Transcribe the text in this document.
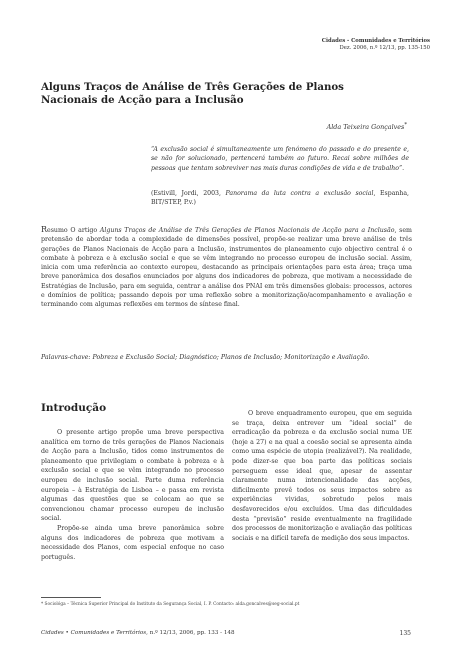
Cidades - Comunidades e Territórios
Dez. 2006, n.º 12/13, pp. 135-150
Alguns Traços de Análise de Três Gerações de Planos Nacionais de Acção para a Inclusão
Alda Teixeira Gonçalves*
“A exclusão social é simultaneamente um fenómeno do passado e do presente e, se não for solucionado, pertencerá também ao futuro. Recai sobre milhões de pessoas que tentam sobreviver nas mais duras condições de vida e de trabalho”.
(Estivill, Jordi, 2003, Panorama da luta contra a exclusão social, Espanha, BIT/STEP, P.v.)
Resumo O artigo Alguns Traços de Análise de Três Gerações de Planos Nacionais de Acção para a Inclusão, sem pretensão de abordar toda a complexidade de dimensões possível, propõe-se realizar uma breve análise de três gerações de Planos Nacionais de Acção para a Inclusão, instrumentos de planeamento cujo objectivo central é o combate à pobreza e à exclusão social e que se vêm integrando no processo europeu de inclusão social. Assim, inicia com uma referência ao contexto europeu, destacando as principais orientações para esta área; traça uma breve panorâmica dos desafios enunciados por alguns dos indicadores de pobreza, que motivam a necessidade de Estratégias de Inclusão, para em seguida, centrar a análise dos PNAI em três dimensões globais: processos, actores e domínios de política; passando depois por uma reflexão sobre a monitorização/acompanhamento e avaliação e terminando com algumas reflexões em termos de síntese final.
Palavras-chave: Pobreza e Exclusão Social; Diagnóstico; Planos de Inclusão; Monitorização e Avaliação.
Introdução

O presente artigo propõe uma breve perspectiva analítica em torno de três gerações de Planos Nacionais de Acção para a Inclusão, tidos como instrumentos de planeamento que privilegiam o combate à pobreza e à exclusão social e que se vêm integrando no processo europeu de inclusão social. Parte duma referência europeia – à Estratégia de Lisboa – e passa em revista algumas das questões que se colocam ao que se convencionou chamar processo europeu de inclusão social.

Propõe-se ainda uma breve panorâmica sobre alguns dos indicadores de pobreza que motivam a necessidade dos Planos, com especial enfoque no caso português.

O breve enquadramento europeu, que em seguida se traça, deixa entrever um “ideal social” de erradicação da pobreza e da exclusão social numa UE (hoje a 27) e na qual a coesão social se apresenta ainda como uma espécie de utopia (realizável?). Na realidade, pode dizer-se que boa parte das políticas sociais perseguem esse ideal que, apesar de assentar claramente numa intencionalidade das acções, dificilmente prevê todos os seus impactos sobre as experiências vividas, sobretudo pelos mais desfavorecidos e/ou excluídos. Uma das dificuldades desta “previsão” reside eventualmente na fragilidade dos processos de monitorização e avaliação das políticas sociais e na difícil tarefa de medição dos seus impactos.

* Sociológa – Técnica Superior Principal do Instituto da Segurança Social, I. P. Contacto: alda.goncalves@seg-social.pt
Cidades • Comunidades e Territórios, n.º 12/13, 2006, pp. 133 - 148	135
